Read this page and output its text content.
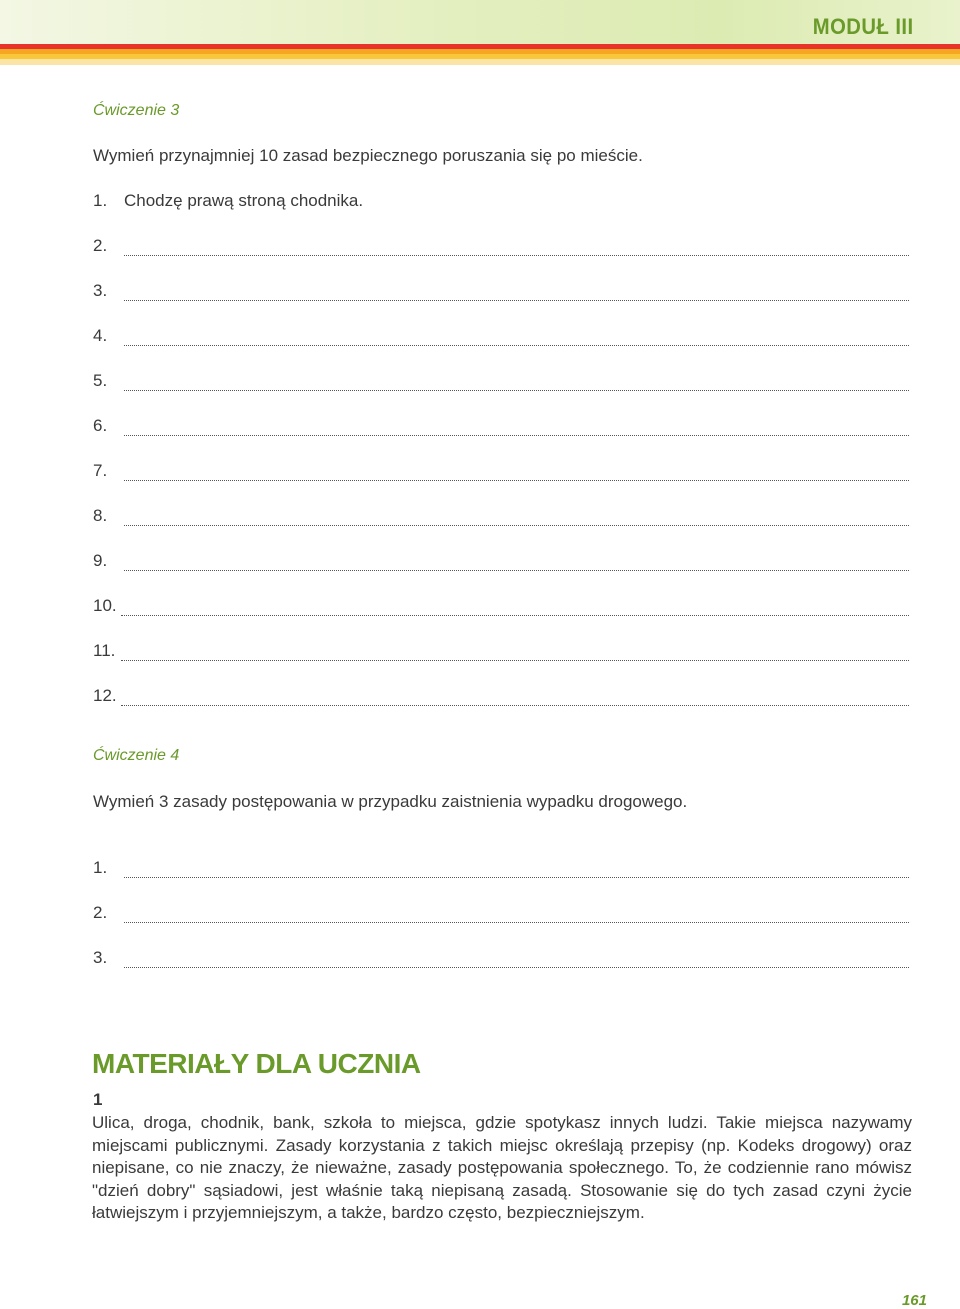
MODUŁ III
Ćwiczenie 3
Wymień przynajmniej 10 zasad bezpiecznego poruszania się po mieście.
1. Chodzę prawą stroną chodnika.
2.
3.
4.
5.
6.
7.
8.
9.
10.
11.
12.
Ćwiczenie 4
Wymień 3 zasady postępowania w przypadku zaistnienia wypadku drogowego.
1.
2.
3.
MATERIAŁY DLA UCZNIA
1
Ulica, droga, chodnik, bank, szkoła to miejsca, gdzie spotykasz innych ludzi. Takie miejsca nazywamy miejscami publicznymi. Zasady korzystania z takich miejsc określają przepisy (np. Kodeks drogowy) oraz niepisane, co nie znaczy, że nieważne, zasady postępowania społecznego. To, że codziennie rano mówisz "dzień dobry" sąsiadowi, jest właśnie taką niepisaną zasadą. Stosowanie się do tych zasad czyni życie łatwiejszym i przyjemniejszym, a także, bardzo często, bezpieczniejszym.
161
